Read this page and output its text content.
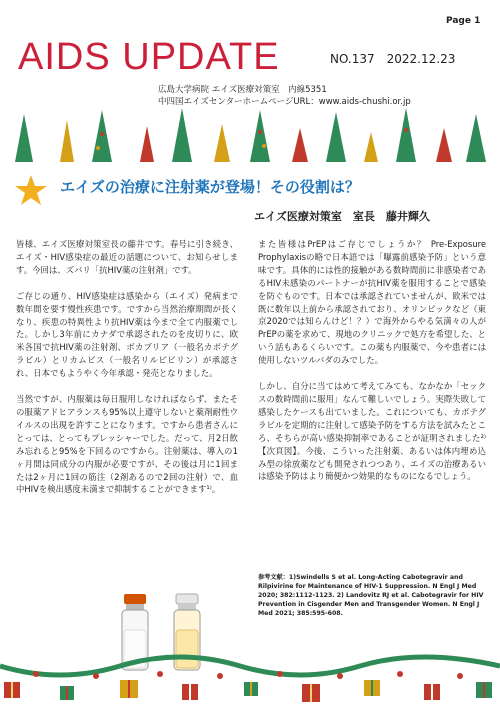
Page 1
AIDS UPDATE	NO.137　2022.12.23
広島大学病院 エイズ医療対策室　内線5351
中四国エイズセンターホームページURL：www.aids-chushi.or.jp
エイズの治療に注射薬が登場！その役割は？
エイズ医療対策室　室長　藤井輝久

皆様、エイズ医療対策室長の藤井です。春号に引き続き、エイズ・HIV感染症の最近の話題について、お知らせします。今回は、ズバリ「抗HIV薬の注射剤」です。

ご存じの通り、HIV感染症は感染から（エイズ）発病まで数年間を要す慢性疾患です。ですから当然治療期間が長くなり、疾患の特異性より抗HIV薬は今まで全て内服薬でした。しかし3年前にカナダで承認されたのを皮切りに、欧米各国で抗HIV薬の注射剤、ボカブリア（一般名カボテグラビル）とリカムビス（一般名リルピビリン）が承認され、日本でもようやく今年承認・発売となりました。

当然ですが、内服薬は毎日服用しなければならず、またその服薬アドヒアランスも95%以上遵守しないと薬剤耐性ウイルスの出現を許すことになります。ですから患者さんにとっては、とってもプレッシャーでした。だって、月2日飲み忘れると95%を下回るのですから。注射薬は、導入の1ヶ月間は同成分の内服が必要ですが、その後は月に1回または2ヶ月に1回の筋注（2剤あるので2回の注射）で、血中HIVを検出感度未満まで抑制することができます¹⁾。

また皆様はPrEPはご存じでしょうか？ Pre-Exposure Prophylaxisの略で日本語では「曝露前感染予防」という意味です。具体的には性的接触がある数時間前に非感染者であるHIV未感染のパートナーが抗HIV薬を服用することで感染を防ぐものです。日本では承認されていませんが、欧米では既に数年以上前から承認されており、オリンピックなど（東京2020では知らんけど！？）で海外からやる気満々の人がPrEPの薬を求めて、現地のクリニックで処方を希望した、という話もあるくらいです。この薬も内服薬で、今や患者には使用しないツルバダのみでした。

しかし、自分に当てはめて考えてみても、なかなか「セックスの数時間前に服用」なんて難しいでしょう。実際失敗して感染したケースも出ていました。これについても、カボテグラビルを定期的に注射して感染予防をする方法を試みたところ、そちらが高い感染抑制率であることが証明されました²⁾【次頁図】。今後、こういった注射薬、あるいは体内埋め込み型の徐放薬なども開発されつつあり、エイズの治療あるいは感染予防はより簡便かつ効果的なものになるでしょう。

参考文献：1)Swindells S et al. Long-Acting Cabotegravir and Rilpivirine for Maintenance of HIV-1 Suppression. N Engl J Med 2020; 382:1112-1123. 2) Landovitz RJ et al. Cabotegravir for HIV Prevention in Cisgender Men and Transgender Women. N Engl J Med 2021; 385:595-608.
